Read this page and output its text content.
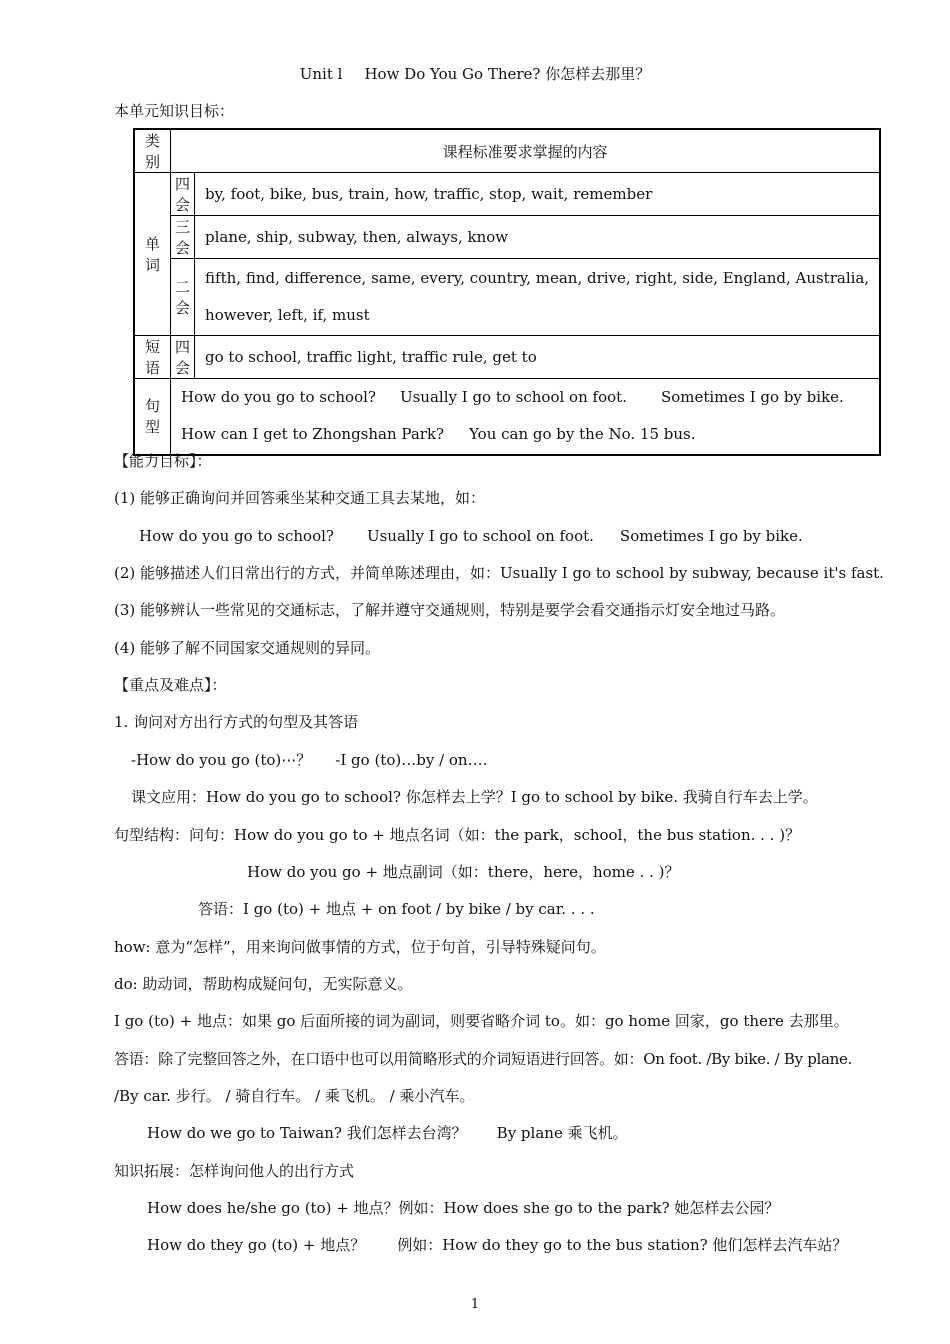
Unit l How Do You Go There? 你怎样去那里？
本单元知识目标：
类别	课程标准要求掌握的内容	
单词	四会	by, foot, bike, bus, train, how, traffic, stop, wait, remember
	三会	plane, ship, subway, then, always, know
	二会	fifth, find, difference, same, every, country, mean, drive, right, side, England, Australia,
however, left, if, must

短语	四会	go to school, traffic light, traffic rule, get to
句型	How do you go to school? Usually I go to school on foot. Sometimes I go by bike.
How can I get to Zhongshan Park? You can go by the No. 15 bus.	
【能力目标】：
(1) 能够正确询问并回答乘坐某种交通工具去某地，如：
How do you go to school? Usually I go to school on foot. Sometimes I go by bike.
(2) 能够描述人们日常出行的方式，并简单陈述理由，如：Usually I go to school by subway, because it's fast.
(3) 能够辨认一些常见的交通标志，了解并遵守交通规则，特别是要学会看交通指示灯安全地过马路。
(4) 能够了解不同国家交通规则的异同。
【重点及难点】：
1. 询问对方出行方式的句型及其答语
-How do you go (to)⋯？ -I go (to)…by / on….
课文应用：How do you go to school? 你怎样去上学？I go to school by bike. 我骑自行车去上学。
句型结构：问句：How do you go to + 地点名词（如：the park，school，the bus station. . . )？
How do you go + 地点副词（如：there，here，home . . )？
答语：I go (to) + 地点 + on foot / by bike / by car. . . .
how: 意为“怎样”，用来询问做事情的方式，位于句首，引导特殊疑问句。
do: 助动词，帮助构成疑问句，无实际意义。
I go (to) + 地点：如果 go 后面所接的词为副词，则要省略介词 to。如：go home 回家，go there 去那里。
答语：除了完整回答之外，在口语中也可以用简略形式的介词短语进行回答。如：On foot. /By bike. / By plane.
/By car. 步行。 / 骑自行车。 / 乘飞机。 / 乘小汽车。
How do we go to Taiwan? 我们怎样去台湾？ By plane 乘飞机。
知识拓展：怎样询问他人的出行方式
How does he/she go (to) + 地点？例如：How does she go to the park? 她怎样去公园？
How do they go (to) + 地点？ 例如：How do they go to the bus station? 他们怎样去汽车站？
1
